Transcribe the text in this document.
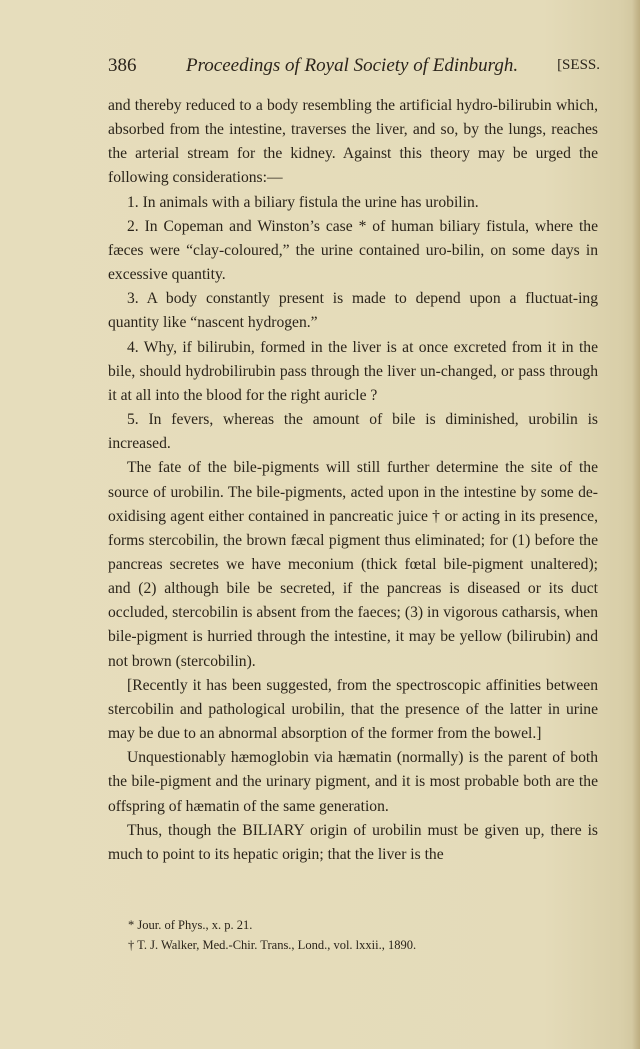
386	Proceedings of Royal Society of Edinburgh.	[SESS.

and thereby reduced to a body resembling the artificial hydro-bilirubin which, absorbed from the intestine, traverses the liver, and so, by the lungs, reaches the arterial stream for the kidney. Against this theory may be urged the following considerations:—

1. In animals with a biliary fistula the urine has urobilin.

2. In Copeman and Winston’s case * of human biliary fistula, where the fæces were “clay-coloured,” the urine contained uro-bilin, on some days in excessive quantity.

3. A body constantly present is made to depend upon a fluctuat-ing quantity like “nascent hydrogen.”

4. Why, if bilirubin, formed in the liver is at once excreted from it in the bile, should hydrobilirubin pass through the liver un-changed, or pass through it at all into the blood for the right auricle ?

5. In fevers, whereas the amount of bile is diminished, urobilin is increased.

The fate of the bile-pigments will still further determine the site of the source of urobilin. The bile-pigments, acted upon in the intestine by some de-oxidising agent either contained in pancreatic juice † or acting in its presence, forms stercobilin, the brown fæcal pigment thus eliminated; for (1) before the pancreas secretes we have meconium (thick fœtal bile-pigment unaltered); and (2) although bile be secreted, if the pancreas is diseased or its duct occluded, stercobilin is absent from the faeces; (3) in vigorous catharsis, when bile-pigment is hurried through the intestine, it may be yellow (bilirubin) and not brown (stercobilin).

[Recently it has been suggested, from the spectroscopic affinities between stercobilin and pathological urobilin, that the presence of the latter in urine may be due to an abnormal absorption of the former from the bowel.]

Unquestionably hæmoglobin via hæmatin (normally) is the parent of both the bile-pigment and the urinary pigment, and it is most probable both are the offspring of hæmatin of the same generation.

Thus, though the BILIARY origin of urobilin must be given up, there is much to point to its hepatic origin; that the liver is the

* Jour. of Phys., x. p. 21.

† T. J. Walker, Med.-Chir. Trans., Lond., vol. lxxii., 1890.
